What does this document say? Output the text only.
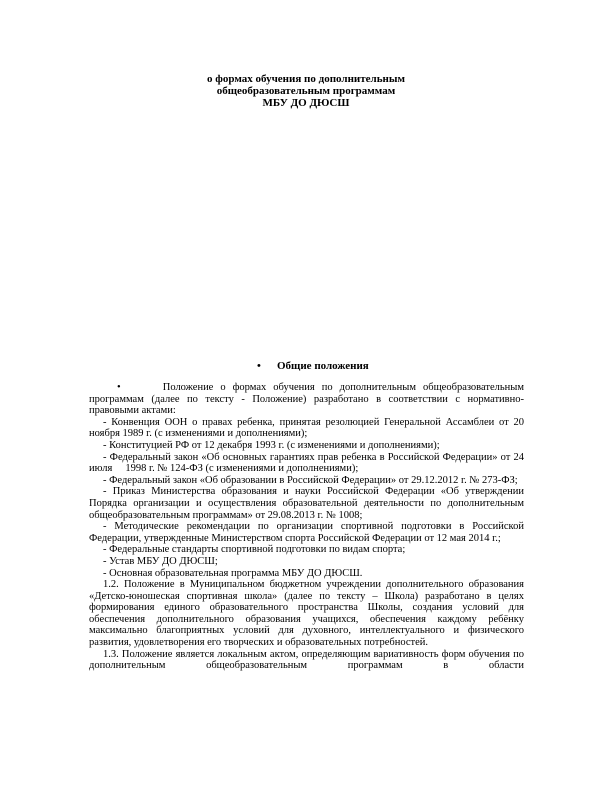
о формах обучения по дополнительным
общеобразовательным программам
МБУ ДО ДЮСШ
• Общие положения

•      Положение о формах обучения по дополнительным общеобразовательным программам (далее по тексту - Положение) разработано в соответствии с нормативно-правовыми актами:

- Конвенция ООН о правах ребенка, принятая резолюцией Генеральной Ассамблеи от 20 ноября 1989 г. (с изменениями и дополнениями);

- Конституцией РФ от 12 декабря 1993 г. (с изменениями и дополнениями);

- Федеральный закон «Об основных гарантиях прав ребенка в Российской Федерации» от 24 июля     1998 г. № 124-ФЗ (с изменениями и дополнениями);

- Федеральный закон «Об образовании в Российской Федерации» от 29.12.2012 г. № 273-ФЗ;

- Приказ Министерства образования и науки Российской Федерации «Об утверждении Порядка организации и осуществления образовательной деятельности по дополнительным общеобразовательным программам» от 29.08.2013 г. № 1008;

- Методические рекомендации по организации спортивной подготовки в Российской Федерации, утвержденные Министерством спорта Российской Федерации от 12 мая 2014 г.;

- Федеральные стандарты спортивной подготовки по видам спорта;

- Устав МБУ ДО ДЮСШ;

- Основная образовательная программа МБУ ДО ДЮСШ.

1.2. Положение в Муниципальном бюджетном учреждении дополнительного образования «Детско-юношеская спортивная школа» (далее по тексту – Школа) разработано в целях формирования единого образовательного пространства Школы, создания условий для обеспечения дополнительного образования учащихся, обеспечения каждому ребёнку максимально благоприятных условий для духовного, интеллектуального и физического развития, удовлетворения его творческих и образовательных потребностей.

1.3. Положение является локальным актом, определяющим вариативность форм обучения по дополнительным общеобразовательным программам в области
